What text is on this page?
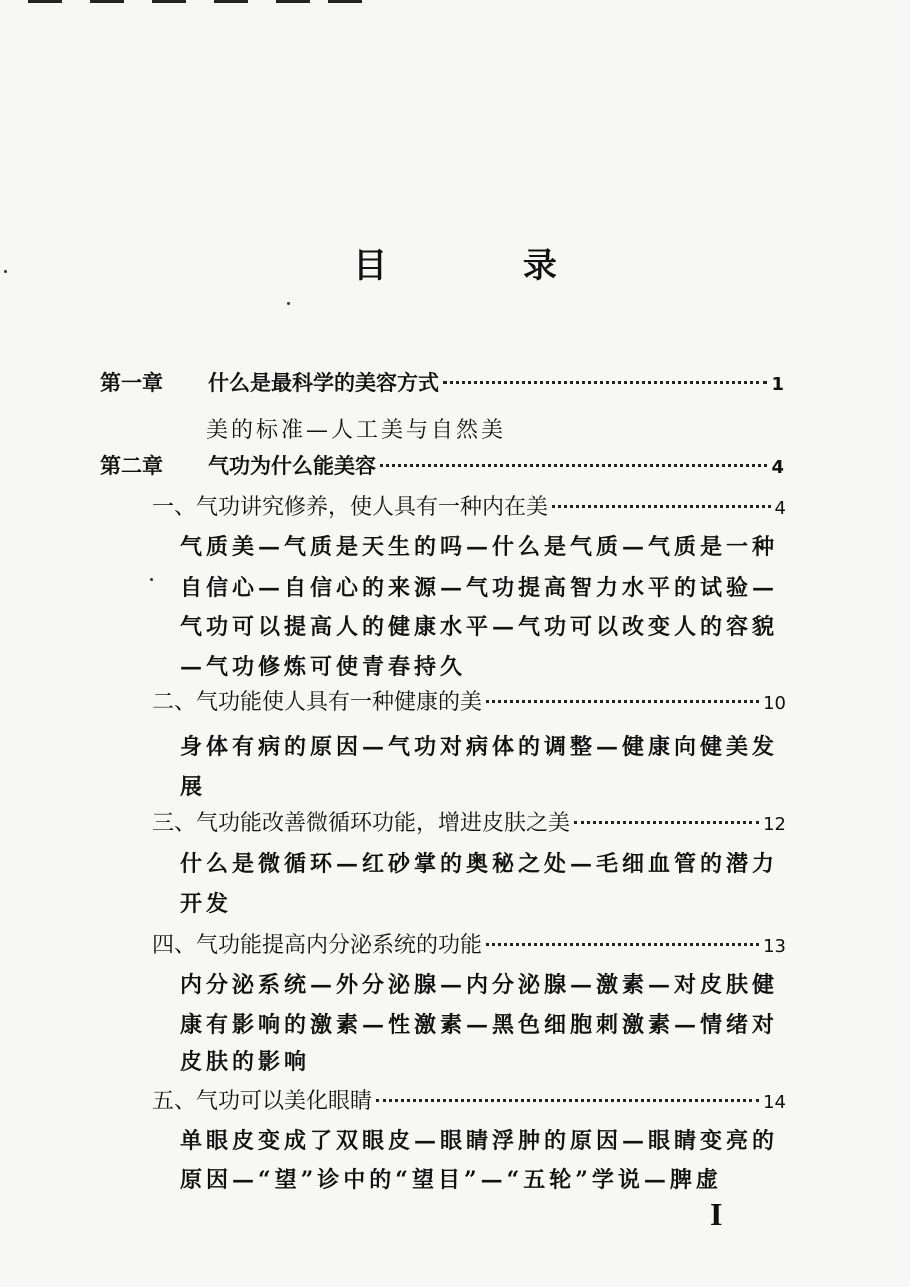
目 录
第一章	什么是最科学的美容方式	1
美的标准—人工美与自然美
第二章	气功为什么能美容	4
一、气功讲究修养，使人具有一种内在美	4
气质美—气质是天生的吗—什么是气质—气质是一种
自信心—自信心的来源—气功提高智力水平的试验—
气功可以提高人的健康水平—气功可以改变人的容貌
—气功修炼可使青春持久
二、气功能使人具有一种健康的美	10
身体有病的原因—气功对病体的调整—健康向健美发
展
三、气功能改善微循环功能，增进皮肤之美	12
什么是微循环—红砂掌的奥秘之处—毛细血管的潜力
开发
四、气功能提高内分泌系统的功能	13
内分泌系统—外分泌腺—内分泌腺—激素—对皮肤健
康有影响的激素—性激素—黑色细胞刺激素—情绪对
皮肤的影响
五、气功可以美化眼睛	14
单眼皮变成了双眼皮—眼睛浮肿的原因—眼睛变亮的
原因—“望”诊中的“望目”—“五轮”学说—脾虚
I
